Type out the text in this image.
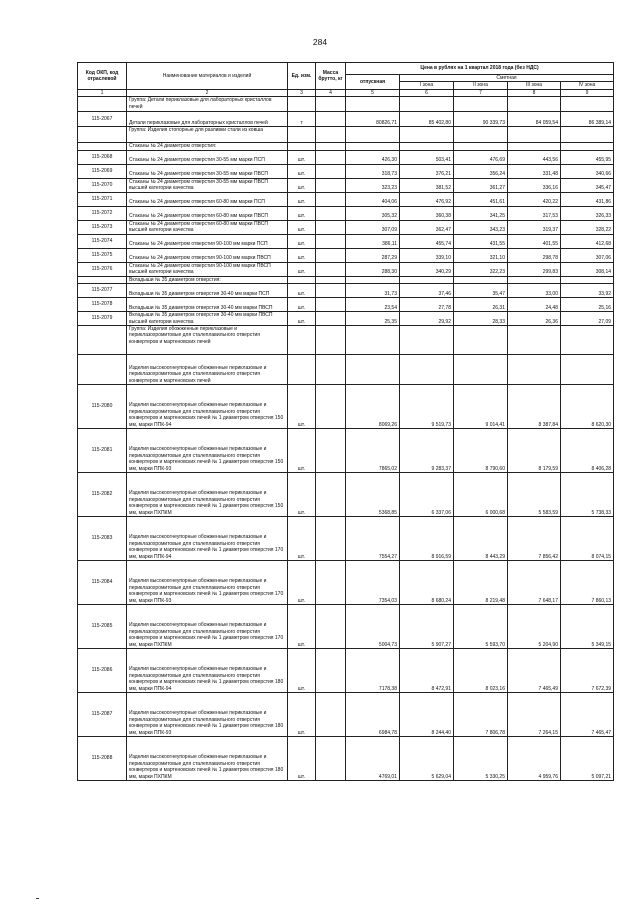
284
Код ОКП, код отраслевой	Наименование материалов и изделий	Ед. изм.	Масса брутто, кг	Цена в рублях на 1 квартал 2018 года (без НДС)				
				отпускная	Сметная			
					I зона	II зона	III зона	IV зона
1	2	3	4	5	6	7	8	9
	Группа: Детали периклазовые для лабораторных кристаллов печей							
115-2067	Детали периклазовые для лабораторных кристаллов печей	т		80826,71	85 402,80	90 339,73	84 059,54	86 389,14
	Группа: Изделия стопорные для разливки стали из ковша							
	Стаканы № 24 диаметром отверстия:							
115-2068	Стаканы № 24 диаметром отверстия 30-55 мм марки ПСП	шт.		426,30	503,41	476,69	443,56	455,95
115-2069	Стаканы № 24 диаметром отверстия 30-55 мм марки ПВСП	шт.		318,73	376,21	356,24	331,48	340,66
115-2070	Стаканы № 24 диаметром отверстия 30-55 мм марки ПВСП высшей категории качества	шт.		323,23	381,52	361,27	336,16	345,47
115-2071	Стаканы № 24 диаметром отверстия 60-80 мм марки ПСП	шт.		404,06	476,92	451,61	420,22	431,86
115-2072	Стаканы № 24 диаметром отверстия 60-80 мм марки ПВСП	шт.		305,32	360,38	341,25	317,53	326,33
115-2073	Стаканы № 24 диаметром отверстия 60-80 мм марки ПВСП высшей категории качества	шт.		307,09	362,47	343,23	319,37	328,22
115-2074	Стаканы № 24 диаметром отверстия 90-100 мм марки ПСП	шт.		386,11	455,74	431,55	401,55	412,68
115-2075	Стаканы № 24 диаметром отверстия 90-100 мм марки ПВСП	шт.		287,29	339,10	321,10	298,78	307,06
115-2076	Стаканы № 24 диаметром отверстия 90-100 мм марки ПВСП высшей категории качества	шт.		288,30	340,29	322,23	299,83	308,14
	Вкладыши № 35 диаметром отверстия:							
115-2077	Вкладыши № 35 диаметром отверстия 30-40 мм марки ПСП	шт.		31,73	37,46	35,47	33,00	33,92
115-2078	Вкладыши № 35 диаметром отверстия 30-40 мм марки ПВСП	шт.		23,54	27,78	26,31	24,48	25,16
115-2079	Вкладыши № 35 диаметром отверстия 30-40 мм марки ПВСП высшей категории качества	шт.		25,35	29,92	28,33	26,36	27,09
	Группа: Изделия обожженные периклазовые и периклазохромитовые для сталеплавильного отверстия конвертеров и мартеновских печей							
	Изделия высокоогнеупорные обожженные периклазовые и периклазохромитовые для сталеплавильного отверстия конвертеров и мартеновских печей							
115-2080	Изделия высокоогнеупорные обожженные периклазовые и периклазохромитовые для сталеплавильного отверстия конвертеров и мартеновских печей № 1 диаметром отверстия 150 мм, марки ППК-94	шт.		8069,26	9 519,73	9 014,41	8 387,84	8 620,30
115-2081	Изделия высокоогнеупорные обожженные периклазовые и периклазохромитовые для сталеплавильного отверстия конвертеров и мартеновских печей № 1 диаметром отверстия 150 мм, марки ППК-93	шт.		7865,02	9 283,37	8 790,60	8 179,59	8 406,28
115-2082	Изделия высокоогнеупорные обожженные периклазовые и периклазохромитовые для сталеплавильного отверстия конвертеров и мартеновских печей № 1 диаметром отверстия 150 мм, марки ПХПКМ	шт.		5368,85	6 337,06	6 000,68	5 583,59	5 738,33
115-2083	Изделия высокоогнеупорные обожженные периклазовые и периклазохромитовые для сталеплавильного отверстия конвертеров и мартеновских печей № 1 диаметром отверстия 170 мм, марки ППК-94	шт.		7554,27	8 916,59	8 443,29	7 856,42	8 074,15
115-2084	Изделия высокоогнеупорные обожженные периклазовые и периклазохромитовые для сталеплавильного отверстия конвертеров и мартеновских печей № 1 диаметром отверстия 170 мм, марки ППК-93	шт.		7354,03	8 680,24	8 219,48	7 648,17	7 860,13
115-2085	Изделия высокоогнеупорные обожженные периклазовые и периклазохромитовые для сталеплавильного отверстия конвертеров и мартеновских печей № 1 диаметром отверстия 170 мм, марки ПХПКМ	шт.		5004,73	5 907,27	5 593,70	5 204,90	5 349,15
115-2086	Изделия высокоогнеупорные обожженные периклазовые и периклазохромитовые для сталеплавильного отверстия конвертеров и мартеновских печей № 1 диаметром отверстия 180 мм, марки ППК-94	шт.		7178,38	8 472,91	8 023,16	7 465,49	7 672,39
115-2087	Изделия высокоогнеупорные обожженные периклазовые и периклазохромитовые для сталеплавильного отверстия конвертеров и мартеновских печей № 1 диаметром отверстия 180 мм, марки ППК-93	шт.		6984,78	8 244,40	7 806,78	7 264,15	7 465,47
115-2088	Изделия высокоогнеупорные обожженные периклазовые и периклазохромитовые для сталеплавильного отверстия конвертеров и мартеновских печей № 1 диаметром отверстия 180 мм, марки ПХПКМ	шт.		4769,01	5 629,04	5 330,25	4 959,76	5 097,21
